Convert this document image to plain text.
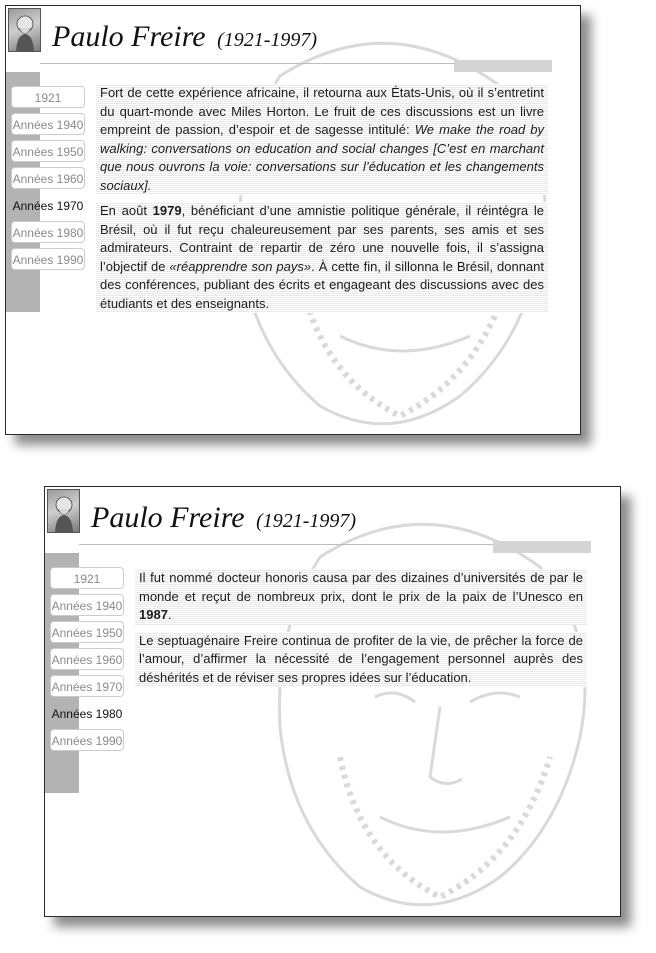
Paulo Freire (1921-1997)
1921
Années 1940
Années 1950
Années 1960
Années 1970
Années 1980
Années 1990

Fort de cette expérience africaine, il retourna aux États-Unis, où il s’entretint du quart-monde avec Miles Horton. Le fruit de ces discussions est un livre empreint de passion, d’espoir et de sagesse intitulé: We make the road by walking: conversations on education and social changes [C’est en marchant que nous ouvrons la voie: conversations sur l’éducation et les changements sociaux].

En août 1979, bénéficiant d’une amnistie politique générale, il réintégra le Brésil, où il fut reçu chaleureusement par ses parents, ses amis et ses admirateurs. Contraint de repartir de zéro une nouvelle fois, il s’assigna l’objectif de «réapprendre son pays». À cette fin, il sillonna le Brésil, donnant des conférences, publiant des écrits et engageant des discussions avec des étudiants et des enseignants.

Paulo Freire (1921-1997)
1921
Années 1940
Années 1950
Années 1960
Années 1970
Années 1980
Années 1990

Il fut nommé docteur honoris causa par des dizaines d’universités de par le monde et reçut de nombreux prix, dont le prix de la paix de l’Unesco en 1987.

Le septuagénaire Freire continua de profiter de la vie, de prêcher la force de l’amour, d’affirmer la nécessité de l’engagement personnel auprès des déshérités et de réviser ses propres idées sur l’éducation.
